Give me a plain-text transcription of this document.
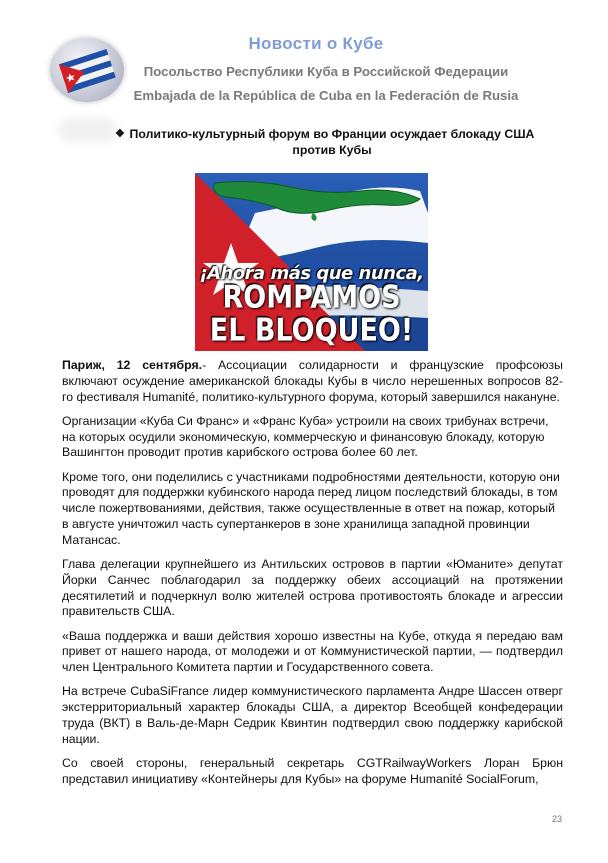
Новости о Кубе
Посольство Республики Куба в Российской Федерации
Embajada de la República de Cuba en la Federación de Rusia
❖ Политико-культурный форум во Франции осуждает блокаду США против Кубы
¡Ahora más que nunca,
ROMPAMOS
EL BLOQUEO!

Париж, 12 сентября.- Ассоциации солидарности и французские профсоюзы включают осуждение американской блокады Кубы в число нерешенных вопросов 82-го фестиваля Humanité, политико-культурного форума, который завершился накануне.

Организации «Куба Си Франс» и «Франс Куба» устроили на своих трибунах встречи, на которых осудили экономическую, коммерческую и финансовую блокаду, которую Вашингтон проводит против карибского острова более 60 лет.

Кроме того, они поделились с участниками подробностями деятельности, которую они проводят для поддержки кубинского народа перед лицом последствий блокады, в том числе пожертвованиями, действия, также осуществленные в ответ на пожар, который в августе уничтожил часть супертанкеров в зоне хранилища западной провинции Матансас.

Глава делегации крупнейшего из Антильских островов в партии «Юманите» депутат Йорки Санчес поблагодарил за поддержку обеих ассоциаций на протяжении десятилетий и подчеркнул волю жителей острова противостоять блокаде и агрессии правительств США.

«Ваша поддержка и ваши действия хорошо известны на Кубе, откуда я передаю вам привет от нашего народа, от молодежи и от Коммунистической партии, — подтвердил член Центрального Комитета партии и Государственного совета.

На встрече CubaSiFrance лидер коммунистического парламента Андре Шассен отверг экстерриториальный характер блокады США, а директор Всеобщей конфедерации труда (ВКТ) в Валь-де-Марн Седрик Квинтин подтвердил свою поддержку карибской нации.

Со своей стороны, генеральный секретарь CGTRailwayWorkers Лоран Брюн представил инициативу «Контейнеры для Кубы» на форуме Humanité SocialForum,

23
